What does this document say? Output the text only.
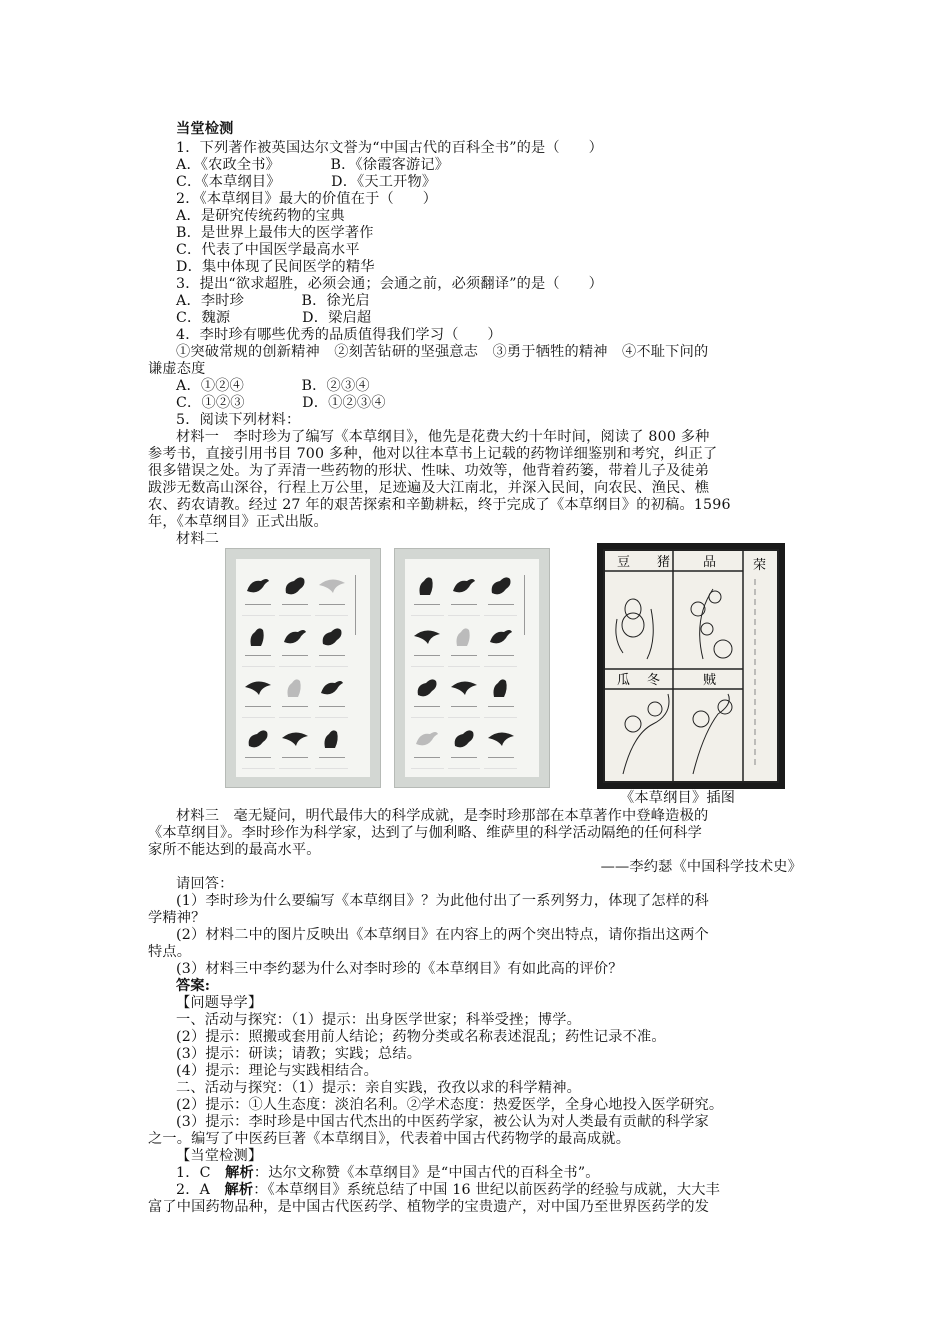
当堂检测
1．下列著作被英国达尔文誉为“中国古代的百科全书”的是（　　）
A．《农政全书》　　　　B．《徐霞客游记》
C．《本草纲目》　　　　D．《天工开物》
2．《本草纲目》最大的价值在于（　　）
A．是研究传统药物的宝典
B．是世界上最伟大的医学著作
C．代表了中国医学最高水平
D．集中体现了民间医学的精华
3．提出“欲求超胜，必须会通；会通之前，必须翻译”的是（　　）
A．李时珍　　　　B．徐光启
C．魏源　　　　　D．梁启超
4．李时珍有哪些优秀的品质值得我们学习（　　）
①突破常规的创新精神　②刻苦钻研的坚强意志　③勇于牺牲的精神　④不耻下问的
谦虚态度
A．①②④　　　　B．②③④
C．①②③　　　　D．①②③④
5．阅读下列材料：
材料一　李时珍为了编写《本草纲目》，他先是花费大约十年时间，阅读了 800 多种
参考书，直接引用书目 700 多种，他对以往本草书上记载的药物详细鉴别和考究，纠正了
很多错误之处。为了弄清一些药物的形状、性味、功效等，他背着药篓，带着儿子及徒弟
跋涉无数高山深谷，行程上万公里，足迹遍及大江南北，并深入民间，向农民、渔民、樵
农、药农请教。经过 27 年的艰苦探索和辛勤耕耘，终于完成了《本草纲目》的初稿。1596
年，《本草纲目》正式出版。
材料二
豆 猪	品
瓜 冬	贼
荣
《本草纲目》插图
材料三　毫无疑问，明代最伟大的科学成就，是李时珍那部在本草著作中登峰造极的
《本草纲目》。李时珍作为科学家，达到了与伽利略、维萨里的科学活动隔绝的任何科学
家所不能达到的最高水平。
——李约瑟《中国科学技术史》
请回答：
(1）李时珍为什么要编写《本草纲目》？为此他付出了一系列努力，体现了怎样的科
学精神？
(2）材料二中的图片反映出《本草纲目》在内容上的两个突出特点，请你指出这两个
特点。
(3）材料三中李约瑟为什么对李时珍的《本草纲目》有如此高的评价？
答案:
【问题导学】
一、活动与探究：（1）提示：出身医学世家；科举受挫；博学。
(2）提示：照搬或套用前人结论；药物分类或名称表述混乱；药性记录不准。
(3）提示：研读；请教；实践；总结。
(4）提示：理论与实践相结合。
二、活动与探究：（1）提示：亲自实践，孜孜以求的科学精神。
(2）提示：①人生态度：淡泊名利。②学术态度：热爱医学，全身心地投入医学研究。
(3）提示：李时珍是中国古代杰出的中医药学家，被公认为对人类最有贡献的科学家
之一。编写了中医药巨著《本草纲目》，代表着中国古代药物学的最高成就。
【当堂检测】
1．C　解析：达尔文称赞《本草纲目》是“中国古代的百科全书”。
2．A　解析：《本草纲目》系统总结了中国 16 世纪以前医药学的经验与成就，大大丰
富了中国药物品种，是中国古代医药学、植物学的宝贵遗产，对中国乃至世界医药学的发
